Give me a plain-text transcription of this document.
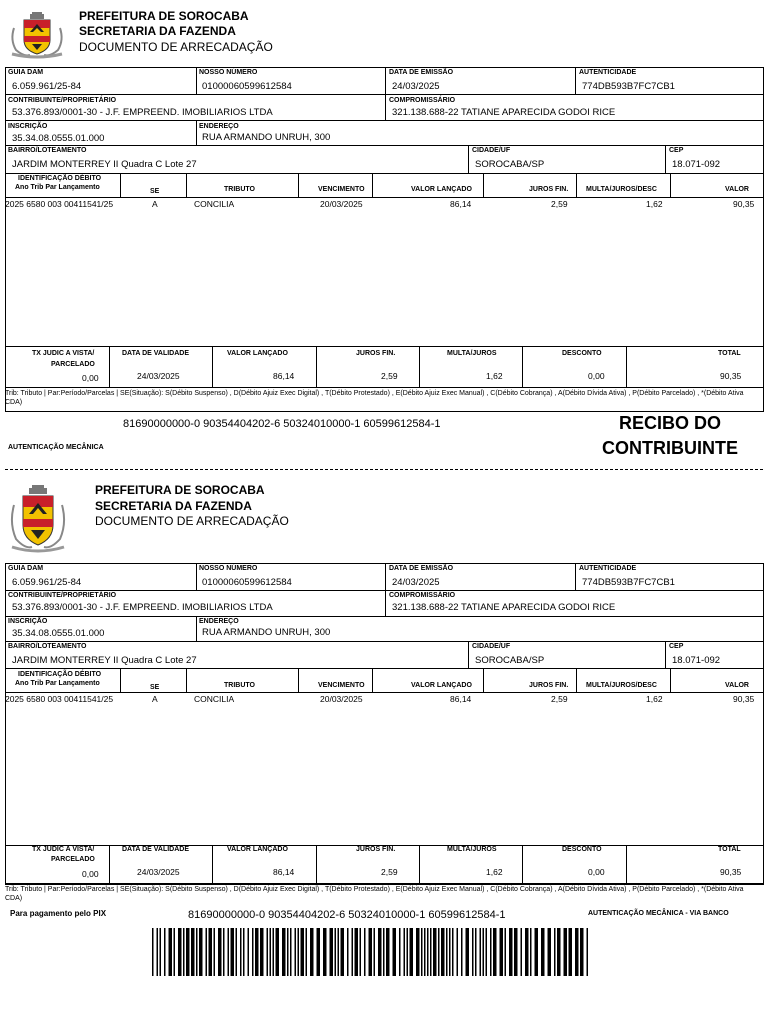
PREFEITURA DE SOROCABA
SECRETARIA DA FAZENDA
DOCUMENTO DE ARRECADAÇÃO
GUIA DAM
6.059.961/25-84
NOSSO NÚMERO
01000060599612584
DATA DE EMISSÃO
24/03/2025
AUTENTICIDADE
774DB593B7FC7CB1
CONTRIBUINTE/PROPRIETÁRIO
53.376.893/0001-30 - J.F. EMPREEND. IMOBILIARIOS LTDA
COMPROMISSÁRIO
321.138.688-22 TATIANE APARECIDA GODOI RICE
INSCRIÇÃO
35.34.08.0555.01.000
ENDEREÇO
RUA ARMANDO UNRUH, 300
BAIRRO/LOTEAMENTO
JARDIM MONTERREY II Quadra C Lote 27
CIDADE/UF
SOROCABA/SP
CEP
18.071-092
IDENTIFICAÇÃO DÉBITO
Ano Trib Par Lançamento
SE	TRIBUTO	VENCIMENTO	VALOR LANÇADO	JUROS FIN.	MULTA/JUROS/DESC	VALOR
2025 6580 003 00411541/25	A	CONCILIA	20/03/2025	86,14	2,59	1,62	90,35
TX JUDIC A VISTA/
PARCELADO
DATA DE VALIDADE	VALOR LANÇADO	JUROS FIN.	MULTA/JUROS	DESCONTO	TOTAL
0,00	24/03/2025	86,14	2,59	1,62	0,00	90,35
Trib: Tributo | Par:Período/Parcelas | SE(Situação): S(Débito Suspenso) , D(Débito Ajuiz Exec Digital) , T(Débito Protestado) , E(Débito Ajuiz Exec Manual) , C(Débito Cobrança) , A(Débito Dívida Ativa) , P(Débito Parcelado) , *(Débito Ativa CDA)
81690000000-0 90354404202-6 50324010000-1 60599612584-1
AUTENTICAÇÃO MECÂNICA
RECIBO DO
CONTRIBUINTE
PREFEITURA DE SOROCABA
SECRETARIA DA FAZENDA
DOCUMENTO DE ARRECADAÇÃO
GUIA DAM
6.059.961/25-84
NOSSO NÚMERO
01000060599612584
DATA DE EMISSÃO
24/03/2025
AUTENTICIDADE
774DB593B7FC7CB1
CONTRIBUINTE/PROPRIETÁRIO
53.376.893/0001-30 - J.F. EMPREEND. IMOBILIARIOS LTDA
COMPROMISSÁRIO
321.138.688-22 TATIANE APARECIDA GODOI RICE
INSCRIÇÃO
35.34.08.0555.01.000
ENDEREÇO
RUA ARMANDO UNRUH, 300
BAIRRO/LOTEAMENTO
JARDIM MONTERREY II Quadra C Lote 27
CIDADE/UF
SOROCABA/SP
CEP
18.071-092
IDENTIFICAÇÃO DÉBITO
Ano Trib Par Lançamento
SE	TRIBUTO	VENCIMENTO	VALOR LANÇADO	JUROS FIN.	MULTA/JUROS/DESC	VALOR
2025 6580 003 00411541/25	A	CONCILIA	20/03/2025	86,14	2,59	1,62	90,35
TX JUDIC A VISTA/
PARCELADO
DATA DE VALIDADE	VALOR LANÇADO	JUROS FIN.	MULTA/JUROS	DESCONTO	TOTAL
0,00	24/03/2025	86,14	2,59	1,62	0,00	90,35
Trib: Tributo | Par:Período/Parcelas | SE(Situação): S(Débito Suspenso) , D(Débito Ajuiz Exec Digital) , T(Débito Protestado) , E(Débito Ajuiz Exec Manual) , C(Débito Cobrança) , A(Débito Dívida Ativa) , P(Débito Parcelado) , *(Débito Ativa CDA)
Para pagamento pelo PIX	81690000000-0 90354404202-6 50324010000-1 60599612584-1	AUTENTICAÇÃO MECÂNICA - VIA BANCO
